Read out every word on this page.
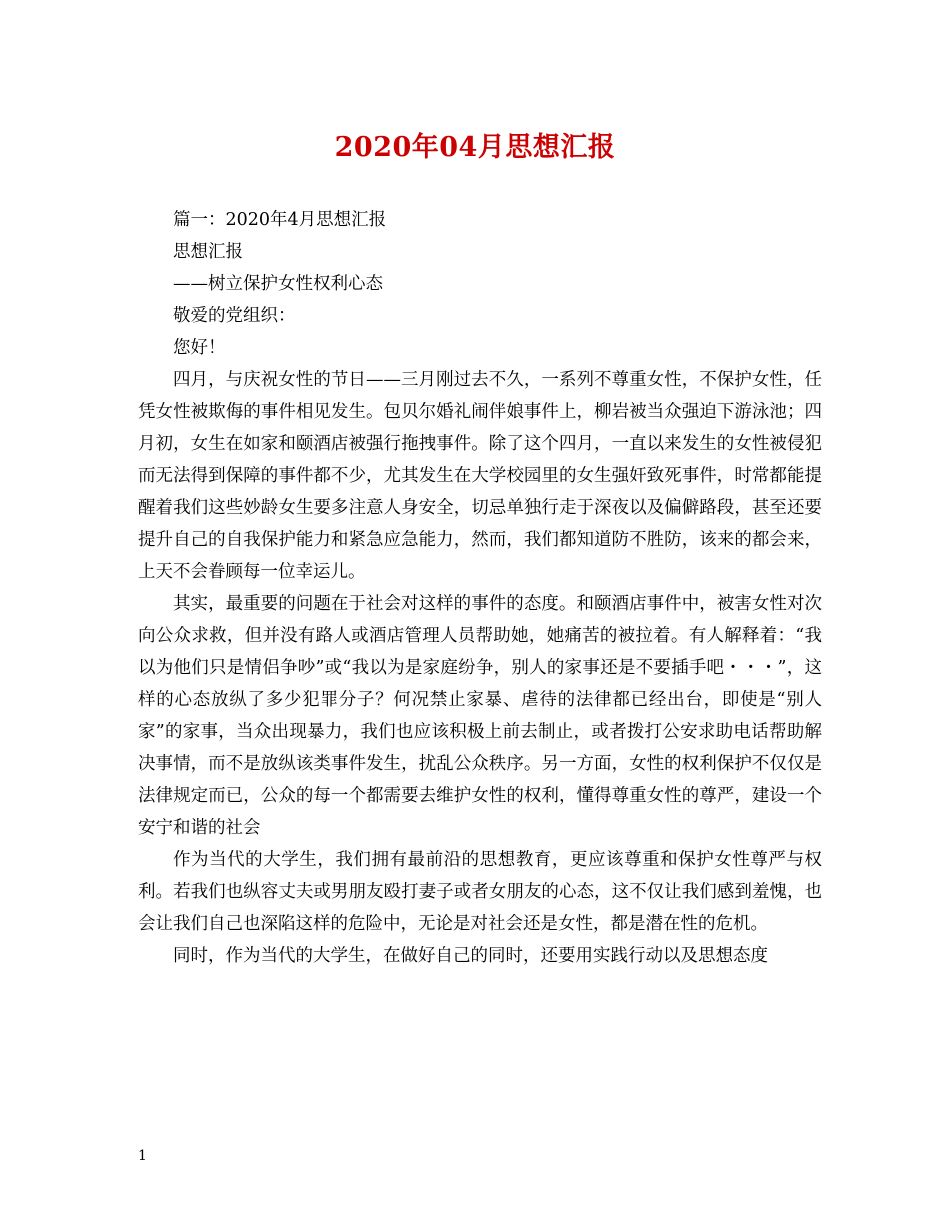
2020年04月思想汇报

篇一：2020年4月思想汇报

思想汇报

——树立保护女性权利心态

敬爱的党组织：

您好！

四月，与庆祝女性的节日——三月刚过去不久，一系列不尊重女性，不保护女性，任凭女性被欺侮的事件相见发生。包贝尔婚礼闹伴娘事件上，柳岩被当众强迫下游泳池；四月初，女生在如家和颐酒店被强行拖拽事件。除了这个四月，一直以来发生的女性被侵犯而无法得到保障的事件都不少，尤其发生在大学校园里的女生强奸致死事件，时常都能提醒着我们这些妙龄女生要多注意人身安全，切忌单独行走于深夜以及偏僻路段，甚至还要提升自己的自我保护能力和紧急应急能力，然而，我们都知道防不胜防，该来的都会来，上天不会眷顾每一位幸运儿。

其实，最重要的问题在于社会对这样的事件的态度。和颐酒店事件中，被害女性对次向公众求救，但并没有路人或酒店管理人员帮助她，她痛苦的被拉着。有人解释着：“我以为他们只是情侣争吵”或“我以为是家庭纷争，别人的家事还是不要插手吧・・・”，这样的心态放纵了多少犯罪分子？何况禁止家暴、虐待的法律都已经出台，即使是“别人家”的家事，当众出现暴力，我们也应该积极上前去制止，或者拨打公安求助电话帮助解决事情，而不是放纵该类事件发生，扰乱公众秩序。另一方面，女性的权利保护不仅仅是法律规定而已，公众的每一个都需要去维护女性的权利，懂得尊重女性的尊严，建设一个安宁和谐的社会

作为当代的大学生，我们拥有最前沿的思想教育，更应该尊重和保护女性尊严与权利。若我们也纵容丈夫或男朋友殴打妻子或者女朋友的心态，这不仅让我们感到羞愧，也会让我们自己也深陷这样的危险中，无论是对社会还是女性，都是潜在性的危机。

同时，作为当代的大学生，在做好自己的同时，还要用实践行动以及思想态度

1
